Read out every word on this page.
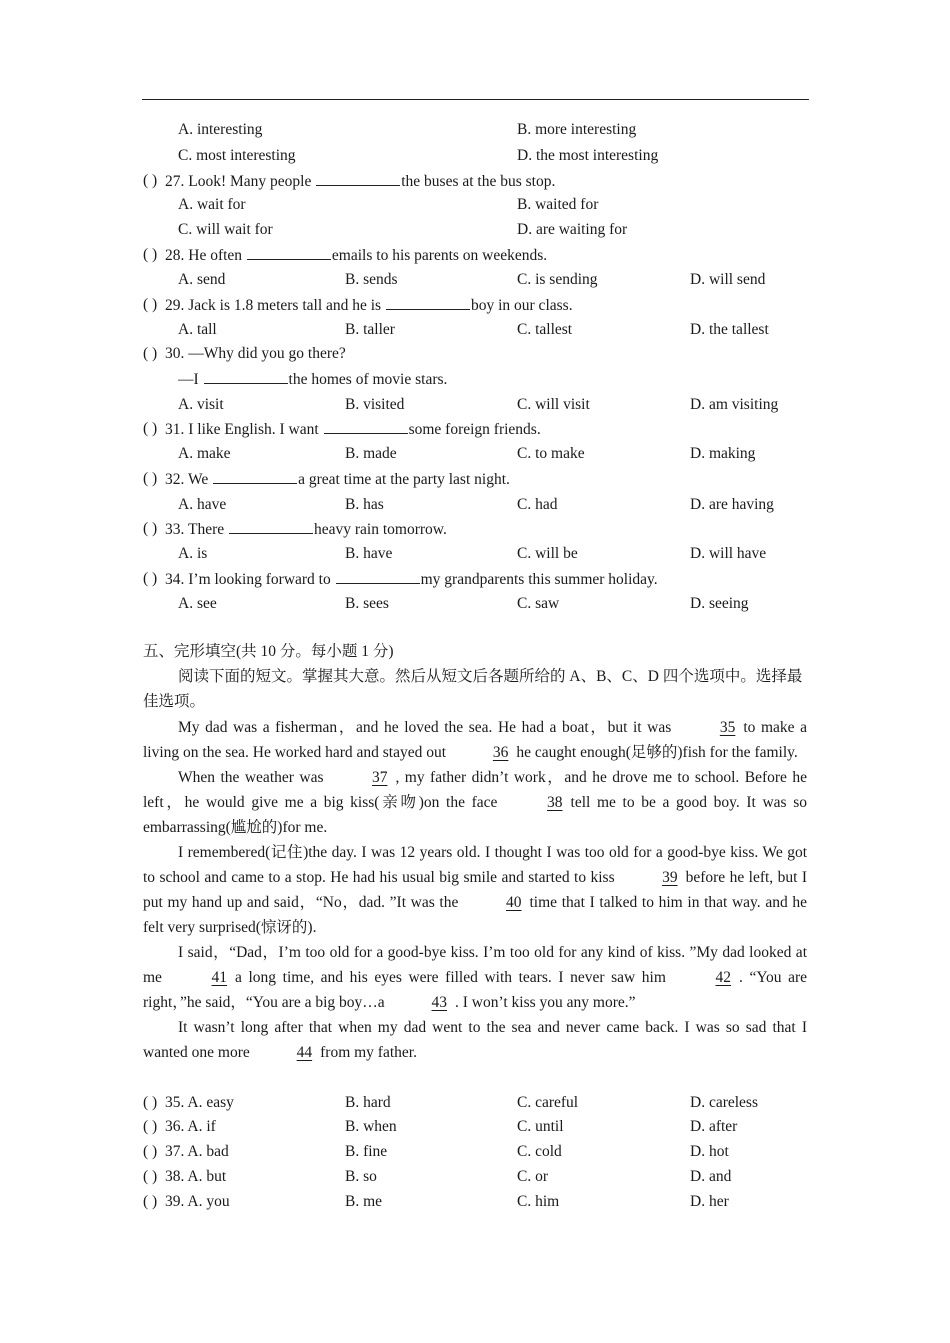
A. interesting	B. more interesting
C. most interesting	D. the most interesting
( ) 27. Look! Many people	the buses at the bus stop.
A. wait for	B. waited for
C. will wait for	D. are waiting for
( ) 28. He often	emails to his parents on weekends.
A. send	B. sends	C. is sending	D. will send
( ) 29. Jack is 1.8 meters tall and he is	boy in our class.
A. tall	B. taller	C. tallest	D. the tallest
( ) 30. —Why did you go there?
—I	the homes of movie stars.
A. visit	B. visited	C. will visit	D. am visiting
( ) 31. I like English. I want	some foreign friends.
A. make	B. made	C. to make	D. making
( ) 32. We	a great time at the party last night.
A. have	B. has	C. had	D. are having
( ) 33. There	heavy rain tomorrow.
A. is	B. have	C. will be	D. will have
( ) 34. I’m looking forward to	my grandparents this summer holiday.
A. see	B. sees	C. saw	D. seeing
五、完形填空(共 10 分。每小题 1 分)
阅读下面的短文。掌握其大意。然后从短文后各题所给的 A、B、C、D 四个选项中。选择最佳选项。

My dad was a fisherman，and he loved the sea. He had a boat，but it was	35 to make a living on the sea. He worked hard and stayed out	36 he caught enough(足够的)fish for the family.

When the weather was	37 , my father didn’t work，and he drove me to school. Before he left，he would give me a big kiss(亲吻)on the face	38 tell me to be a good boy. It was so embarrassing(尴尬的)for me.

I remembered(记住)the day. I was 12 years old. I thought I was too old for a good-bye kiss. We got to school and came to a stop. He had his usual big smile and started to kiss	39 before he left, but I put my hand up and said，“No，dad. ”It was the	40 time that I talked to him in that way. and he felt very surprised(惊讶的).

I said，“Dad，I’m too old for a good-bye kiss. I’m too old for any kind of kiss. ”My dad looked at me	41 a long time, and his eyes were filled with tears. I never saw him	42 . “You are right，”he said，“You are a big boy…a	43 . I won’t kiss you any more.”

It wasn’t long after that when my dad went to the sea and never came back. I was so sad that I wanted one more	44 from my father.

( ) 35. A. easy	B. hard	C. careful	D. careless
( ) 36. A. if	B. when	C. until	D. after
( ) 37. A. bad	B. fine	C. cold	D. hot
( ) 38. A. but	B. so	C. or	D. and
( ) 39. A. you	B. me	C. him	D. her
